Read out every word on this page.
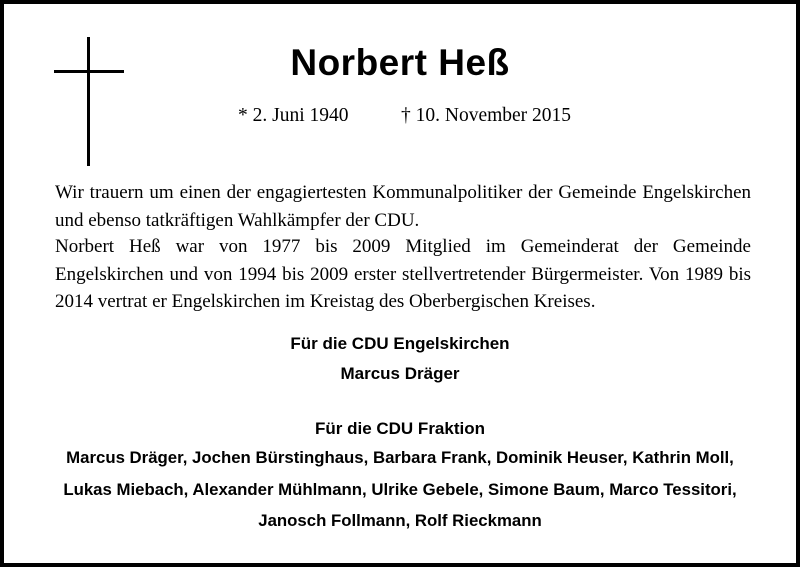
Norbert Heß
* 2. Juni 1940	† 10. November 2015
Wir trauern um einen der engagiertesten Kommunalpolitiker der Gemeinde Engelskirchen und ebenso tatkräftigen Wahlkämpfer der CDU.
Norbert Heß war von 1977 bis 2009 Mitglied im Gemeinderat der Gemeinde Engelskirchen und von 1994 bis 2009 erster stellvertretender Bürgermeister. Von 1989 bis 2014 vertrat er Engelskirchen im Kreistag des Oberbergischen Kreises.
Für die CDU Engelskirchen
Marcus Dräger
Für die CDU Fraktion
Marcus Dräger, Jochen Bürstinghaus, Barbara Frank, Dominik Heuser, Kathrin Moll,
Lukas Miebach, Alexander Mühlmann, Ulrike Gebele, Simone Baum, Marco Tessitori,
Janosch Follmann, Rolf Rieckmann
